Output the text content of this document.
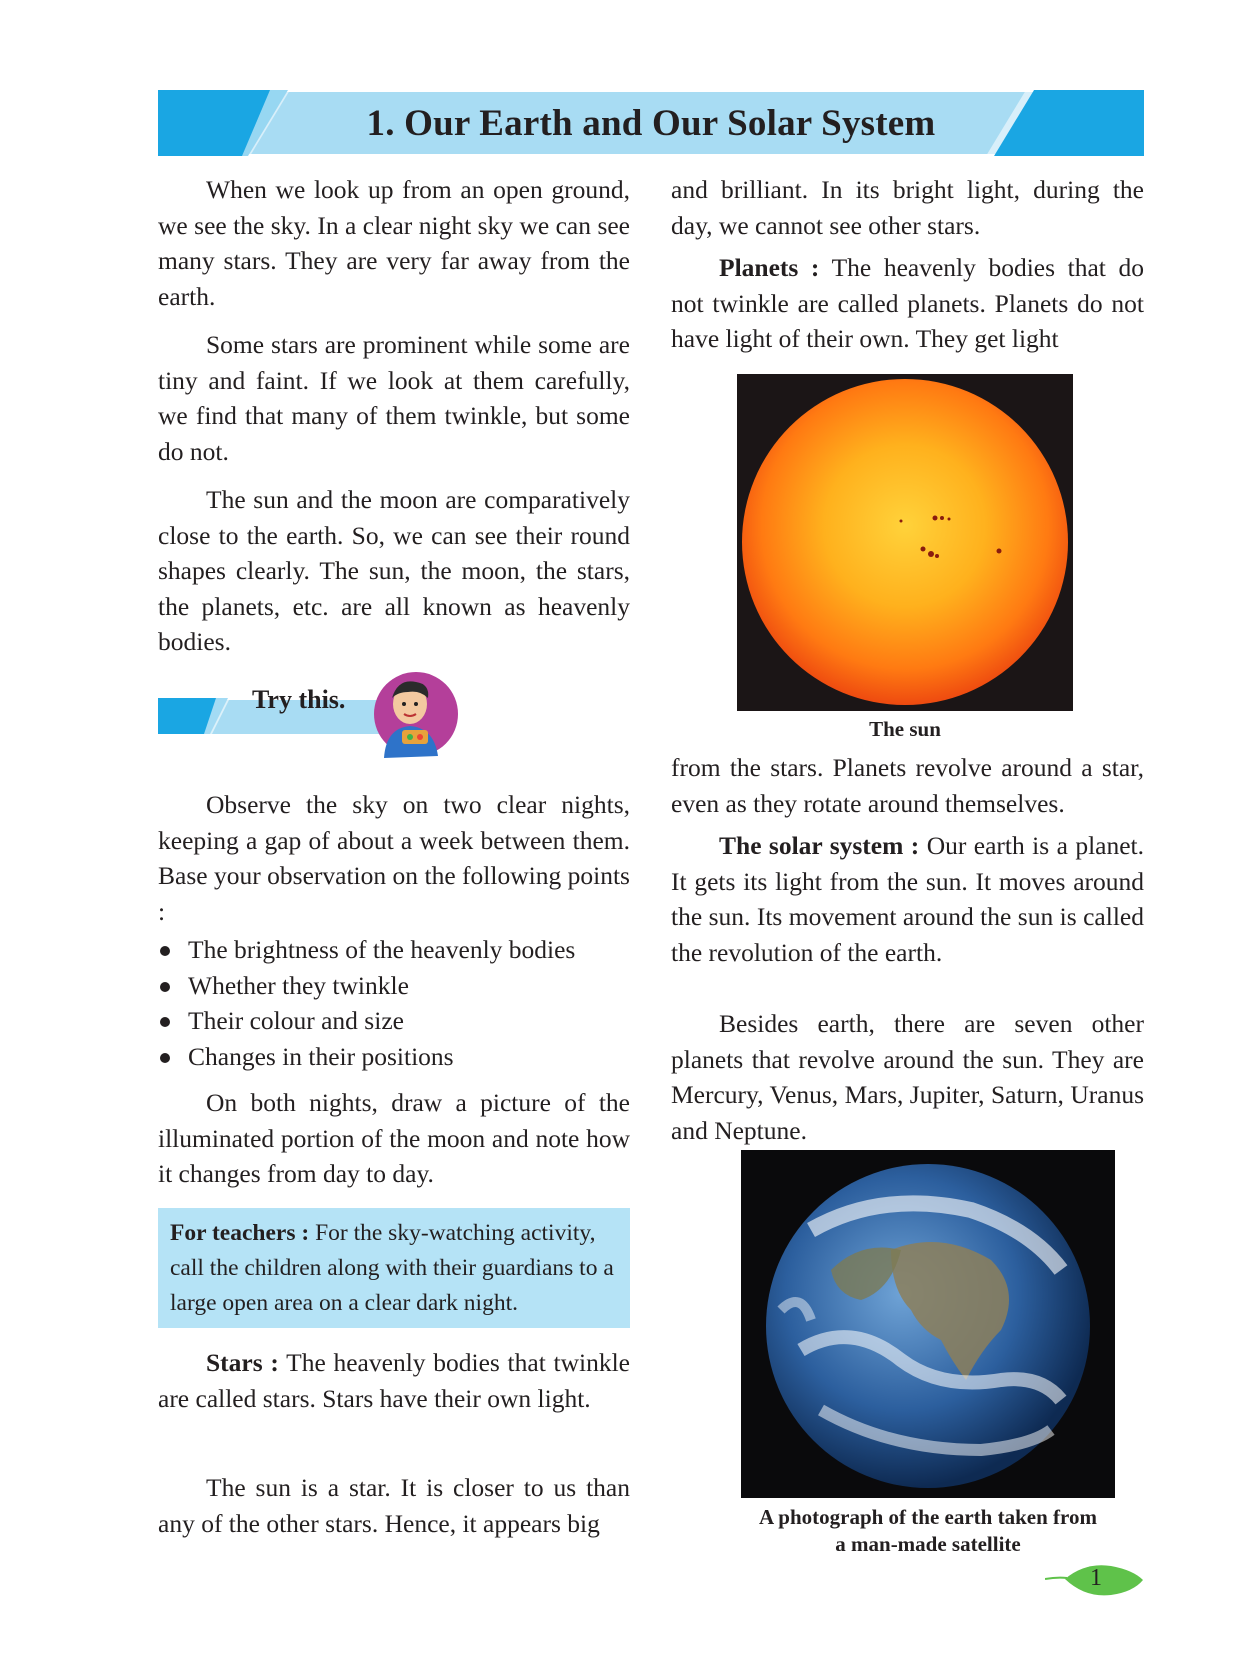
1. Our Earth and Our Solar System

When we look up from an open ground, we see the sky. In a clear night sky we can see many stars. They are very far away from the earth.

Some stars are prominent while some are tiny and faint. If we look at them carefully, we find that many of them twinkle, but some do not.

The sun and the moon are comparatively close to the earth. So, we can see their round shapes clearly. The sun, the moon, the stars, the planets, etc. are all known as heavenly bodies.

Try this.

Observe the sky on two clear nights, keeping a gap of about a week between them. Base your observation on the following points :

The brightness of the heavenly bodies
Whether they twinkle
Their colour and size
Changes in their positions

On both nights, draw a picture of the illuminated portion of the moon and note how it changes from day to day.

For teachers : For the sky-watching activity, call the children along with their guardians to a large open area on a clear dark night.

Stars : The heavenly bodies that twinkle are called stars. Stars have their own light.

The sun is a star. It is closer to us than any of the other stars. Hence, it appears big

and brilliant. In its bright light, during the day, we cannot see other stars.

Planets : The heavenly bodies that do not twinkle are called planets. Planets do not have light of their own. They get light

The sun

from the stars. Planets revolve around a star, even as they rotate around themselves.

The solar system : Our earth is a planet. It gets its light from the sun. It moves around the sun. Its movement around the sun is called the revolution of the earth.

Besides earth, there are seven other planets that revolve around the sun. They are Mercury, Venus, Mars, Jupiter, Saturn, Uranus and Neptune.

A photograph of the earth taken from
a man-made satellite
1
